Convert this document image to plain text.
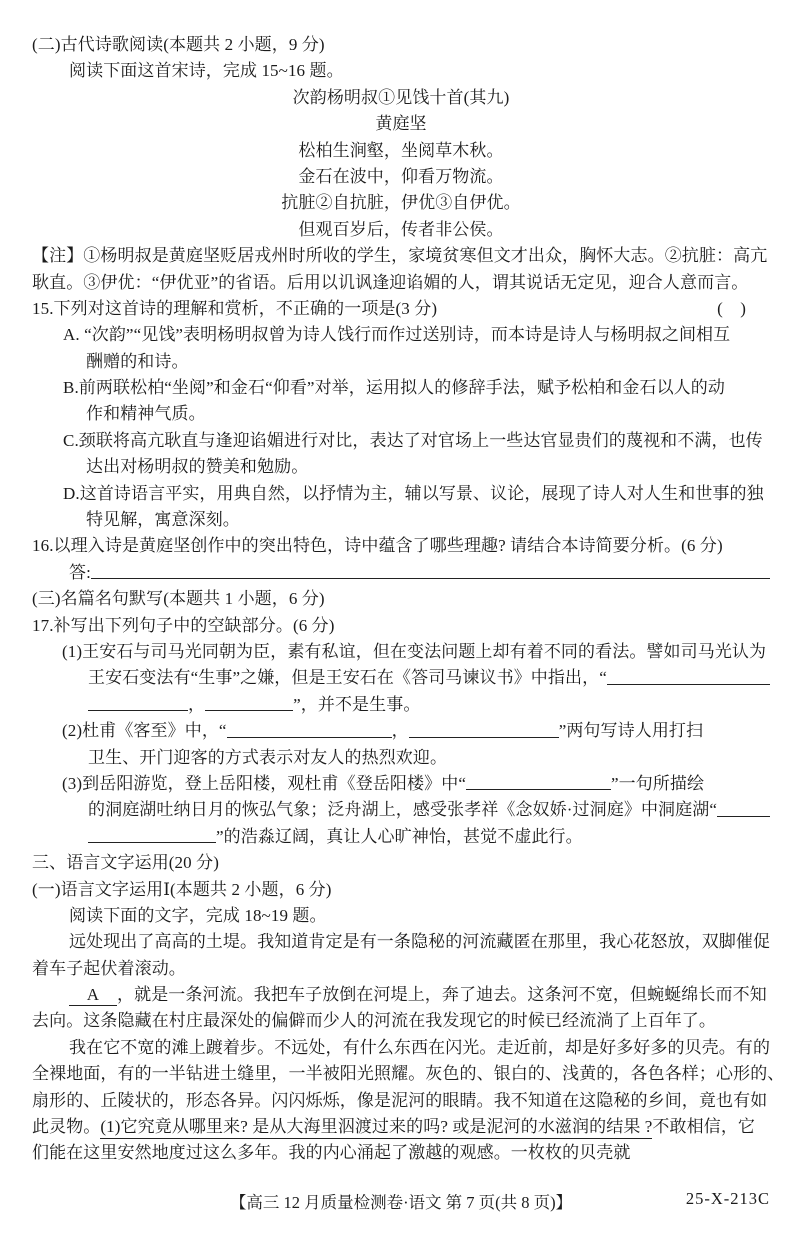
(二)古代诗歌阅读(本题共 2 小题，9 分)
阅读下面这首宋诗，完成 15~16 题。
次韵杨明叔①见饯十首(其九)
黄庭坚
松柏生涧壑，坐阅草木秋。
金石在波中，仰看万物流。
抗脏②自抗脏，伊优③自伊优。
但观百岁后，传者非公侯。
【注】①杨明叔是黄庭坚贬居戎州时所收的学生，家境贫寒但文才出众，胸怀大志。②抗脏：高亢
耿直。③伊优：“伊优亚”的省语。后用以讥讽逢迎谄媚的人，谓其说话无定见，迎合人意而言。
15.下列对这首诗的理解和赏析，不正确的一项是(3 分)	(    )
A. “次韵”“见饯”表明杨明叔曾为诗人饯行而作过送别诗，而本诗是诗人与杨明叔之间相互
酬赠的和诗。
B.前两联松柏“坐阅”和金石“仰看”对举，运用拟人的修辞手法，赋予松柏和金石以人的动
作和精神气质。
C.颈联将高亢耿直与逢迎谄媚进行对比，表达了对官场上一些达官显贵们的蔑视和不满，也传
达出对杨明叔的赞美和勉励。
D.这首诗语言平实，用典自然，以抒情为主，辅以写景、议论，展现了诗人对人生和世事的独
特见解，寓意深刻。
16.以理入诗是黄庭坚创作中的突出特色，诗中蕴含了哪些理趣? 请结合本诗简要分析。(6 分)
答:
(三)名篇名句默写(本题共 1 小题，6 分)
17.补写出下列句子中的空缺部分。(6 分)
(1)王安石与司马光同朝为臣，素有私谊，但在变法问题上却有着不同的看法。譬如司马光认为
王安石变法有“生事”之嫌，但是王安石在《答司马谏议书》中指出，“
，	”，并不是生事。
(2)杜甫《客至》中，“	，	”两句写诗人用打扫
卫生、开门迎客的方式表示对友人的热烈欢迎。
(3)到岳阳游览，登上岳阳楼，观杜甫《登岳阳楼》中“	”一句所描绘
的洞庭湖吐纳日月的恢弘气象；泛舟湖上，感受张孝祥《念奴娇·过洞庭》中洞庭湖“
”的浩淼辽阔，真让人心旷神怡，甚觉不虚此行。
三、语言文字运用(20 分)
(一)语言文字运用Ⅰ(本题共 2 小题，6 分)
阅读下面的文字，完成 18~19 题。
远处现出了高高的土堤。我知道肯定是有一条隐秘的河流藏匿在那里，我心花怒放，双脚催促
着车子起伏着滚动。
A	，就是一条河流。我把车子放倒在河堤上，奔了迪去。这条河不宽，但蜿蜒绵长而不知
去向。这条隐藏在村庄最深处的偏僻而少人的河流在我发现它的时候已经流淌了上百年了。
我在它不宽的滩上踱着步。不远处，有什么东西在闪光。走近前，却是好多好多的贝壳。有的
全裸地面，有的一半钻进土缝里，一半被阳光照耀。灰色的、银白的、浅黄的，各色各样；心形的、
扇形的、丘陵状的，形态各异。闪闪烁烁，像是泥河的眼睛。我不知道在这隐秘的乡间，竟也有如
此灵物。 (1)它究竟从哪里来? 是从大海里泅渡过来的吗? 或是泥河的水滋润的结果 ? 不敢相信，它
们能在这里安然地度过这么多年。我的内心涌起了激越的观感。一枚枚的贝壳就
【高三 12 月质量检测卷·语文 第 7 页(共 8 页)】	25-X-213C
